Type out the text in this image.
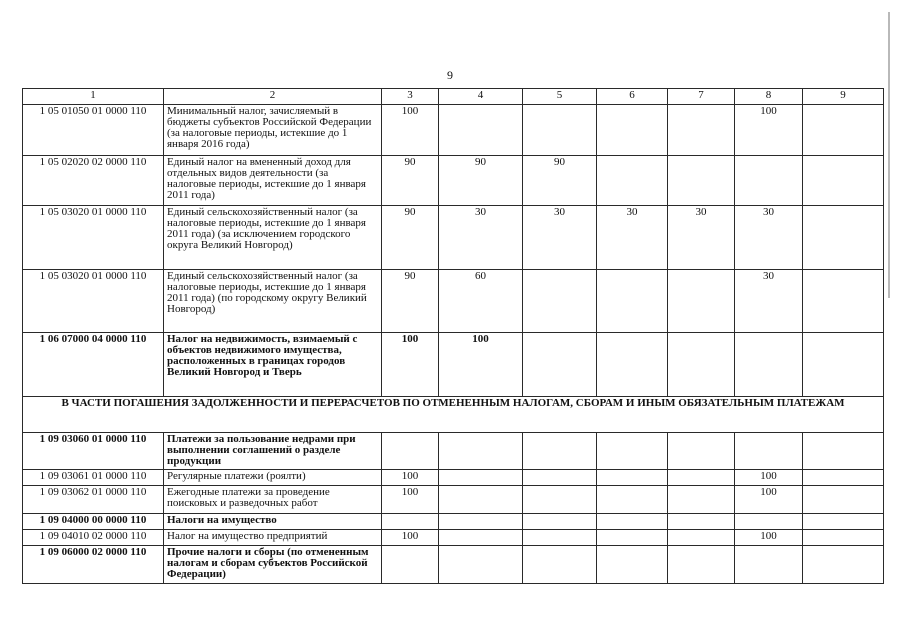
9
1	2	3	4	5	6	7	8	9
1 05 01050 01 0000 110	Минимальный налог, зачисляемый в бюджеты субъектов Российской Федерации (за налоговые периоды, истекшие до 1 января 2016 года)	100					100	
1 05 02020 02 0000 110	Единый налог на вмененный доход для отдельных видов деятельности (за налоговые периоды, истекшие до 1 января 2011 года)	90	90	90				
1 05 03020 01 0000 110	Единый сельскохозяйственный налог (за налоговые периоды, истекшие до 1 января 2011 года) (за исключением городского округа Великий Новгород)	90	30	30	30	30	30	
1 05 03020 01 0000 110	Единый сельскохозяйственный налог (за налоговые периоды, истекшие до 1 января 2011 года) (по городскому округу Великий Новгород)	90	60				30	
1 06 07000 04 0000 110	Налог на недвижимость, взимаемый с объектов недвижимого имущества, расположенных в границах городов Великий Новгород и Тверь	100	100					
В ЧАСТИ ПОГАШЕНИЯ ЗАДОЛЖЕННОСТИ И ПЕРЕРАСЧЕТОВ ПО ОТМЕНЕННЫМ НАЛОГАМ, СБОРАМ И ИНЫМ ОБЯЗАТЕЛЬНЫМ ПЛАТЕЖАМ								
1 09 03060 01 0000 110	Платежи за пользование недрами при выполнении соглашений о разделе продукции							
1 09 03061 01 0000 110	Регулярные платежи (роялти)	100					100	
1 09 03062 01 0000 110	Ежегодные платежи за проведение поисковых и разведочных работ	100					100	
1 09 04000 00 0000 110	Налоги на имущество							
1 09 04010 02 0000 110	Налог на имущество предприятий	100					100	
1 09 06000 02 0000 110	Прочие налоги и сборы (по отмененным налогам и сборам субъектов Российской Федерации)							
